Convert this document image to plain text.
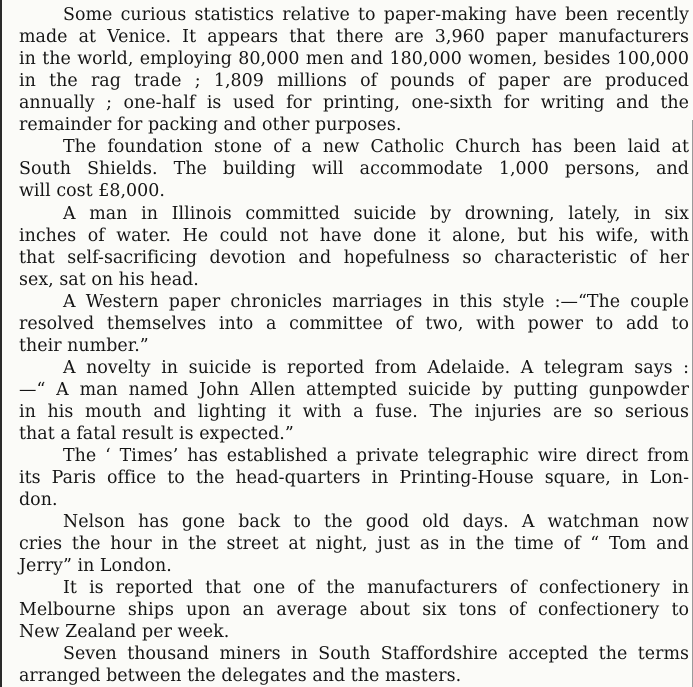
Some curious statistics relative to paper-making have been recently
made at Venice. It appears that there are 3,960 paper manufacturers
in the world, employing 80,000 men and 180,000 women, besides 100,000
in the rag trade ; 1,809 millions of pounds of paper are produced
annually ; one-half is used for printing, one-sixth for writing and the
remainder for packing and other purposes.
The foundation stone of a new Catholic Church has been laid at
South Shields. The building will accommodate 1,000 persons, and
will cost £8,000.
A man in Illinois committed suicide by drowning, lately, in six
inches of water. He could not have done it alone, but his wife, with
that self-sacrificing devotion and hopefulness so characteristic of her
sex, sat on his head.
A Western paper chronicles marriages in this style :—“The couple
resolved themselves into a committee of two, with power to add to
their number.”
A novelty in suicide is reported from Adelaide. A telegram says :
—“ A man named John Allen attempted suicide by putting gunpowder
in his mouth and lighting it with a fuse. The injuries are so serious
that a fatal result is expected.”
The ‘ Times’ has established a private telegraphic wire direct from
its Paris office to the head-quarters in Printing-House square, in Lon-
don.
Nelson has gone back to the good old days. A watchman now
cries the hour in the street at night, just as in the time of “ Tom and
Jerry” in London.
It is reported that one of the manufacturers of confectionery in
Melbourne ships upon an average about six tons of confectionery to
New Zealand per week.
Seven thousand miners in South Staffordshire accepted the terms
arranged between the delegates and the masters.
